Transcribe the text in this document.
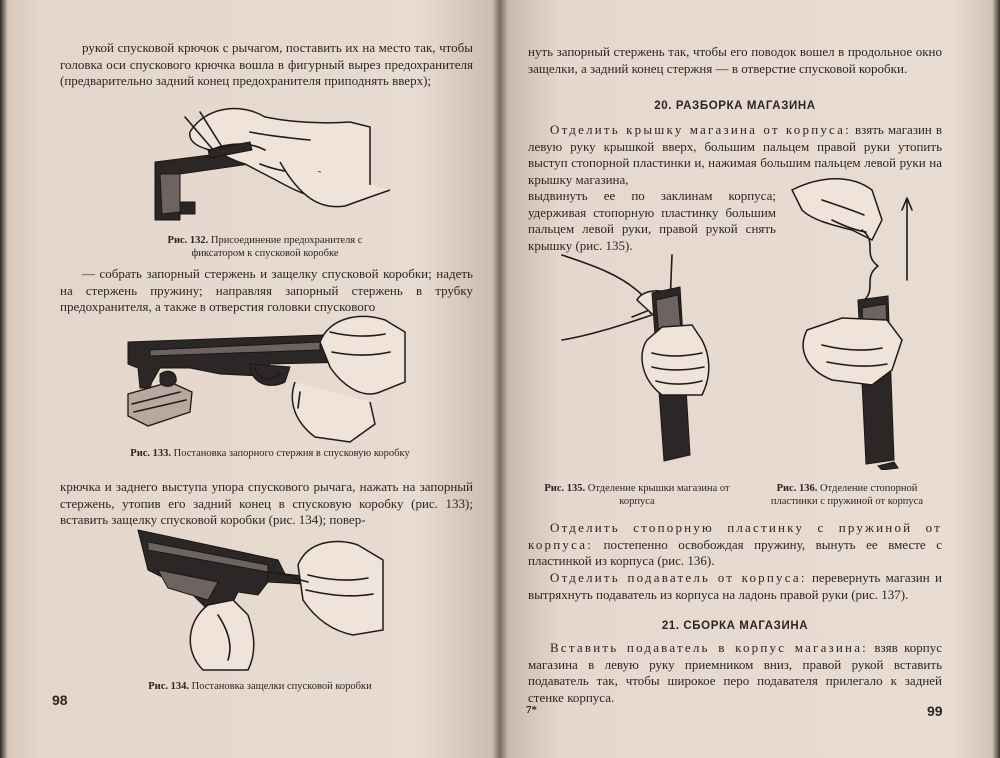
рукой спусковой крючок с рычагом, поставить их на место так, чтобы головка оси спускового крючка вошла в фигурный вырез предохранителя (предварительно задний конец предохранителя приподнять вверх);

Рис. 132. Присоединение предохранителя с фиксатором к спусковой коробке

— собрать запорный стержень и защелку спусковой коробки; надеть на стержень пружину; направляя запорный стержень в трубку предохранителя, а также в отверстия головки спускового

Рис. 133. Постановка запорного стержня в спусковую коробку

крючка и заднего выступа упора спускового рычага, нажать на запорный стержень, утопив его задний конец в спусковую коробку (рис. 133); вставить защелку спусковой коробки (рис. 134); повер-

Рис. 134. Постановка защелки спусковой коробки
98

нуть запорный стержень так, чтобы его поводок вошел в продольное окно защелки, а задний конец стержня — в отверстие спусковой коробки.

20. РАЗБОРКА МАГАЗИНА

Отделить крышку магазина от корпуса: взять магазин в левую руку крышкой вверх, большим пальцем правой руки утопить выступ стопорной пластинки и, нажимая большим пальцем левой руки на крышку магазина,

выдвинуть ее по заклинам корпуса; удерживая стопорную пластинку большим пальцем левой руки, правой рукой снять крышку (рис. 135).

Рис. 135. Отделение крышки магазина от корпуса
Рис. 136. Отделение стопорной пластинки с пружиной от корпуса

Отделить стопорную пластинку с пружиной от корпуса: постепенно освобождая пружину, вынуть ее вместе с пластинкой из корпуса (рис. 136).

Отделить подаватель от корпуса: перевернуть магазин и вытряхнуть подаватель из корпуса на ладонь правой руки (рис. 137).

21. СБОРКА МАГАЗИНА

Вставить подаватель в корпус магазина: взяв корпус магазина в левую руку приемником вниз, правой рукой вставить подаватель так, чтобы широкое перо подавателя прилегало к задней стенке корпуса.

7*	99
